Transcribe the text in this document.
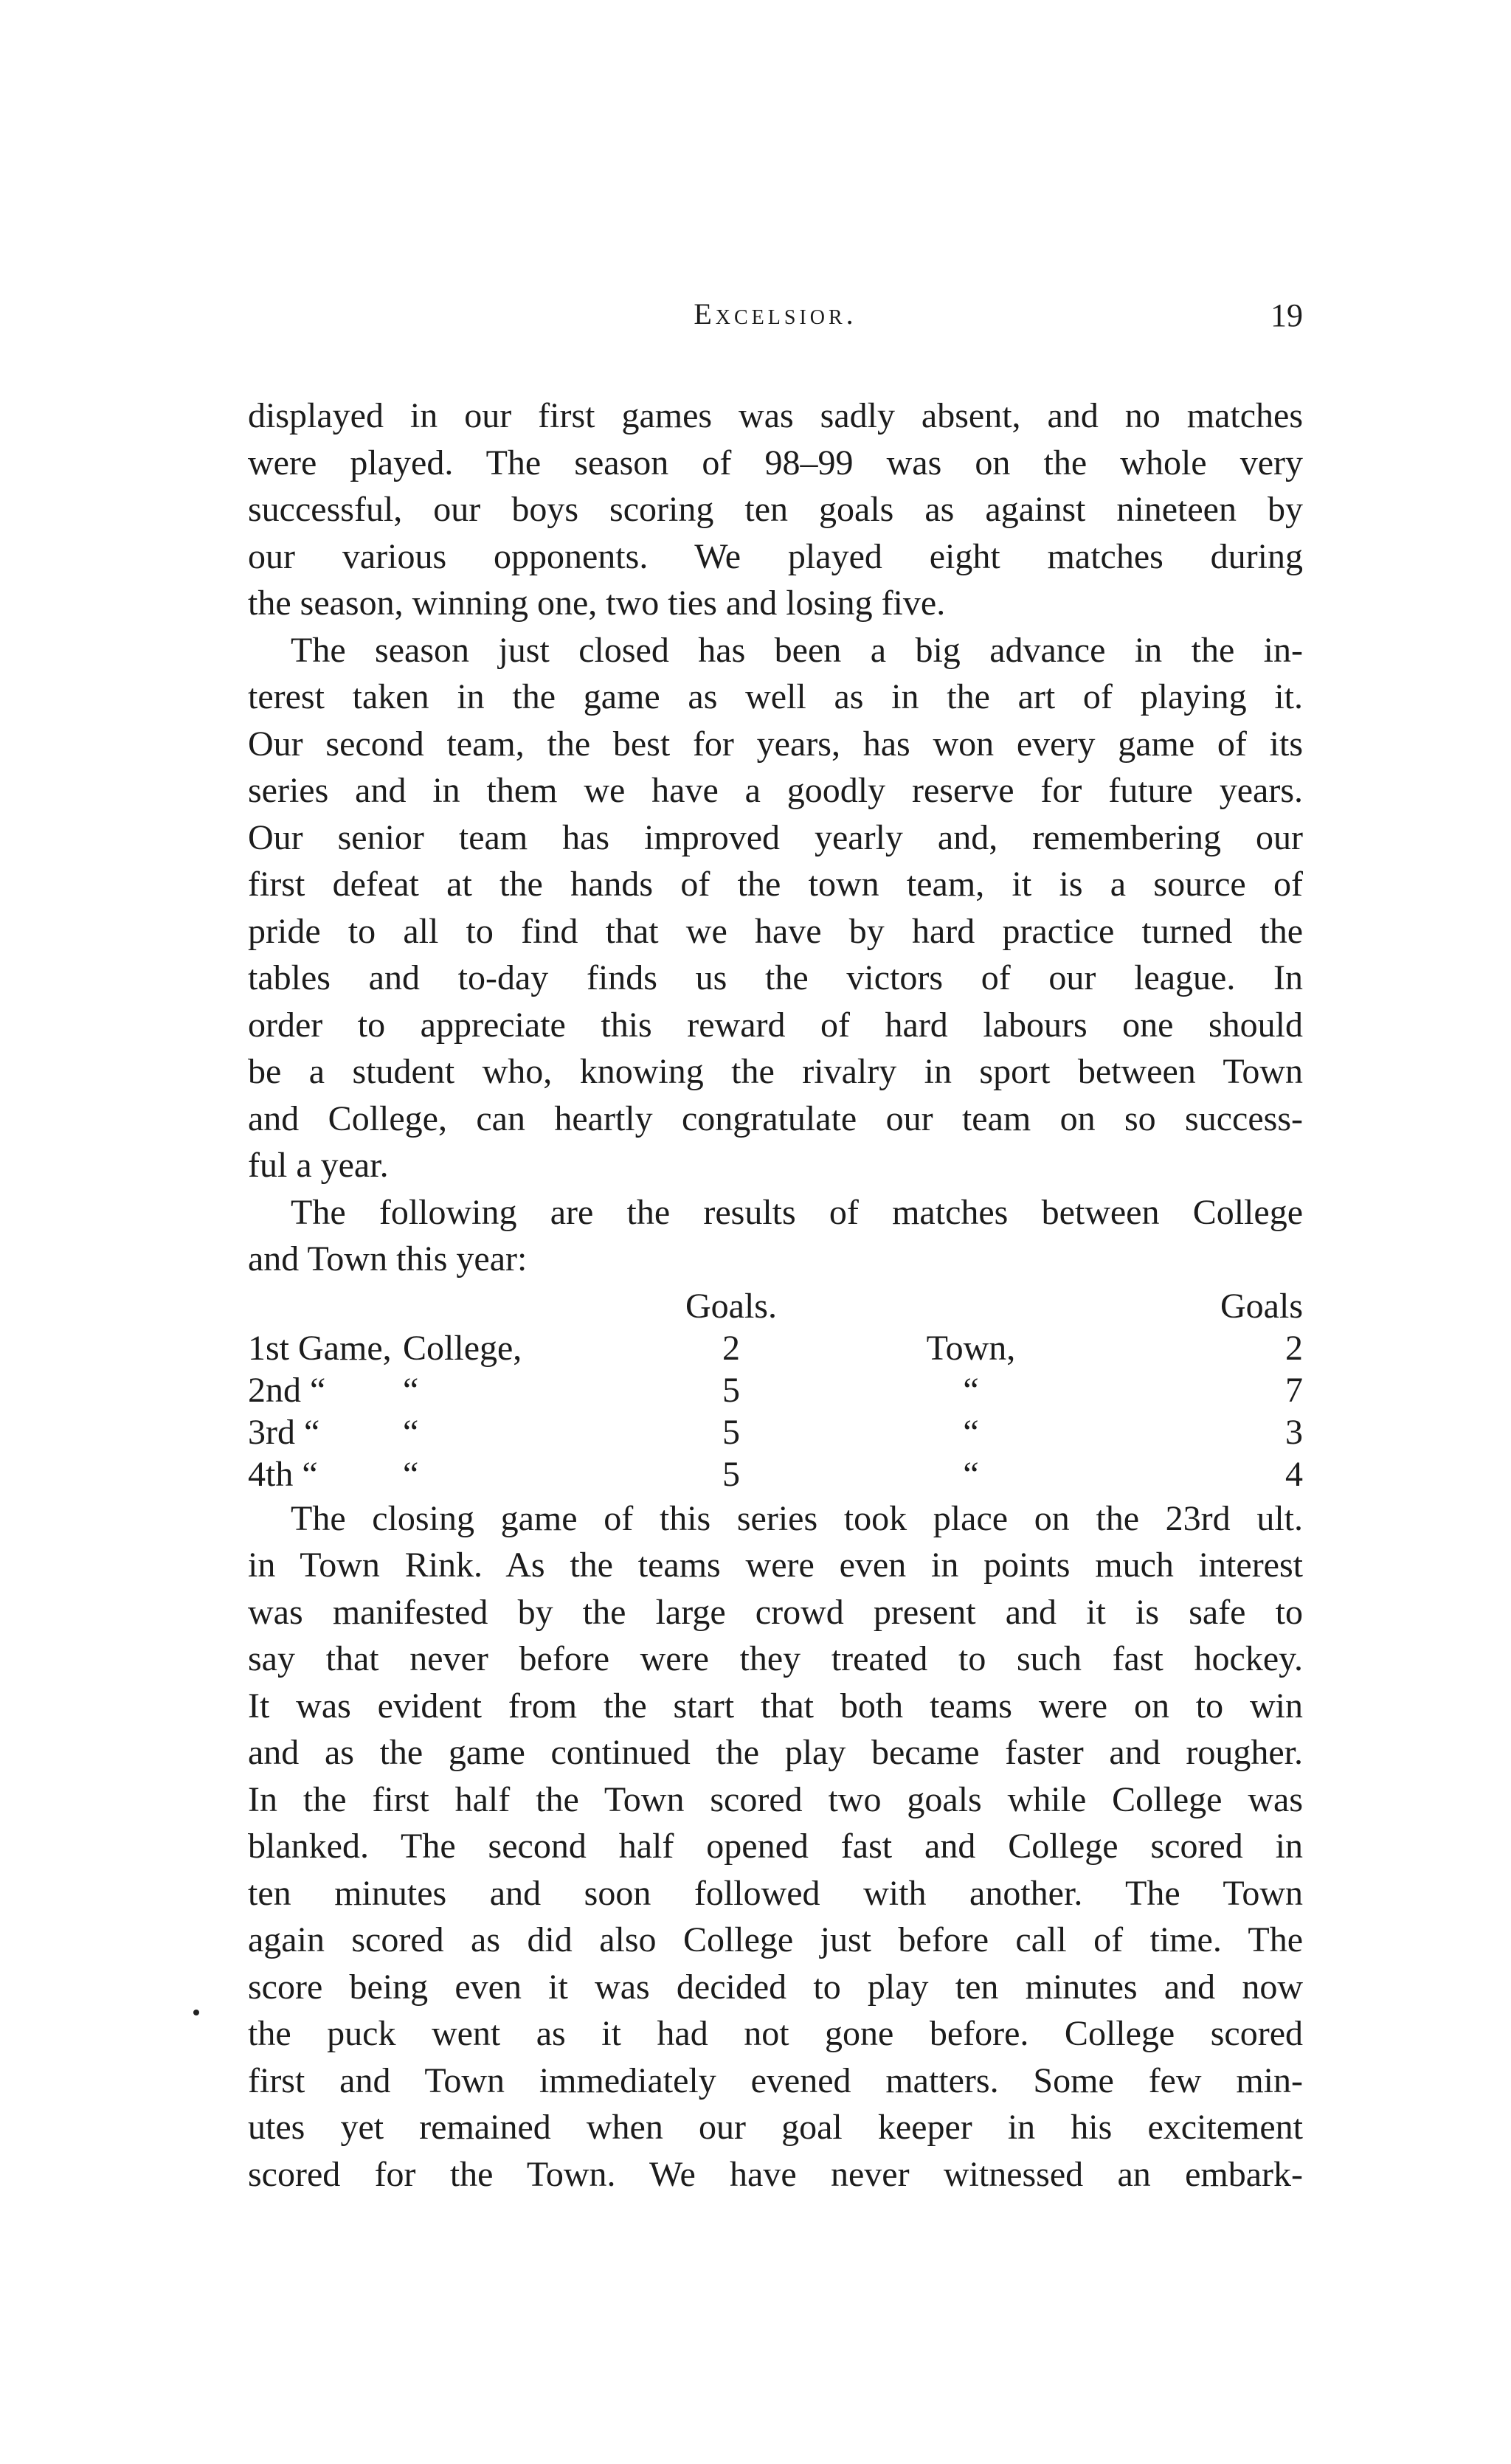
Excelsior.	19

displayed in our first games was sadly absent, and no matches
were played. The season of 98–99 was on the whole very
successful, our boys scoring ten goals as against nineteen by
our various opponents. We played eight matches during
the season, winning one, two ties and losing five.

The season just closed has been a big advance in the in-
terest taken in the game as well as in the art of playing it.
Our second team, the best for years, has won every game of its
series and in them we have a goodly reserve for future years.
Our senior team has improved yearly and, remembering our
first defeat at the hands of the town team, it is a source of
pride to all to find that we have by hard practice turned the
tables and to-day finds us the victors of our league. In
order to appreciate this reward of hard labours one should
be a student who, knowing the rivalry in sport between Town
and College, can heartly congratulate our team on so success-
ful a year.

The following are the results of matches between College
and Town this year:

		Goals.		Goals
1st Game,	College,	2	Town,	2
2nd “	“	5	“	7
3rd “	“	5	“	3
4th “	“	5	“	4

The closing game of this series took place on the 23rd ult.
in Town Rink. As the teams were even in points much interest
was manifested by the large crowd present and it is safe to
say that never before were they treated to such fast hockey.
It was evident from the start that both teams were on to win
and as the game continued the play became faster and rougher.
In the first half the Town scored two goals while College was
blanked. The second half opened fast and College scored in
ten minutes and soon followed with another. The Town
again scored as did also College just before call of time. The
score being even it was decided to play ten minutes and now
the puck went as it had not gone before. College scored
first and Town immediately evened matters. Some few min-
utes yet remained when our goal keeper in his excitement
scored for the Town. We have never witnessed an embark-
